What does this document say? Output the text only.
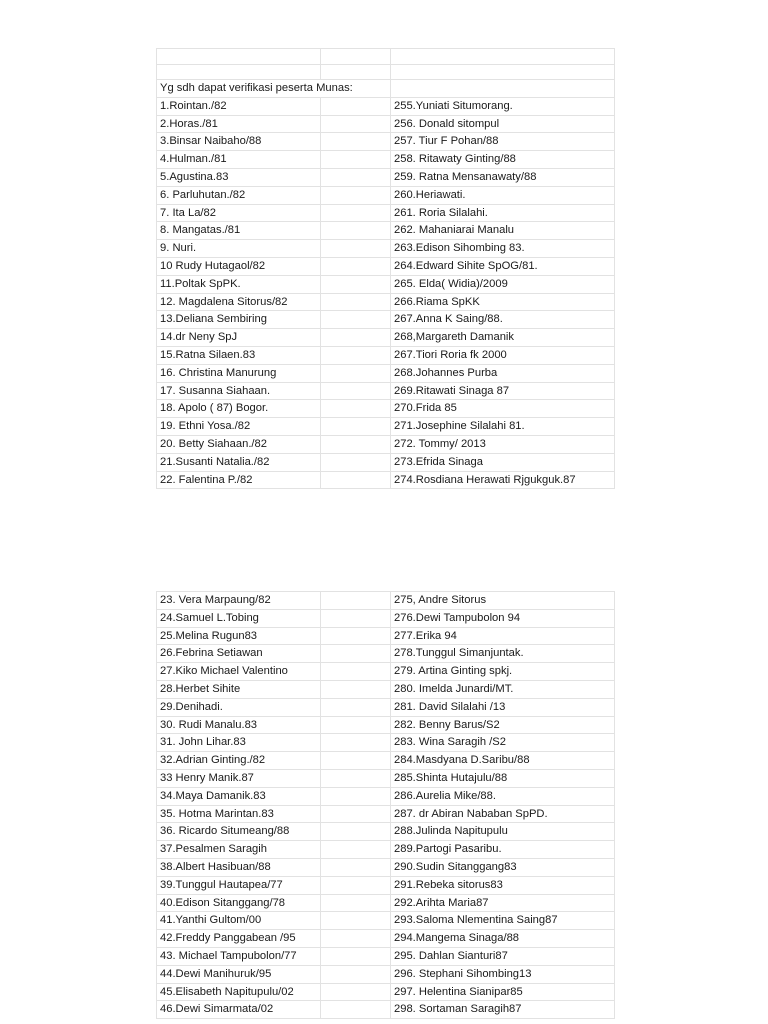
Yg sdh dapat verifikasi peserta Munas:		
1.Rointan./82		255.Yuniati Situmorang.
2.Horas./81		256. Donald sitompul
3.Binsar Naibaho/88		257. Tiur F Pohan/88
4.Hulman./81		258. Ritawaty Ginting/88
5.Agustina.83		259. Ratna Mensanawaty/88
6. Parluhutan./82		260.Heriawati.
7. Ita La/82		261. Roria Silalahi.
8. Mangatas./81		262. Mahaniarai Manalu
9. Nuri.		263.Edison Sihombing 83.
10 Rudy Hutagaol/82		264.Edward Sihite SpOG/81.
11.Poltak SpPK.		265. Elda( Widia)/2009
12. Magdalena Sitorus/82		266.Riama SpKK
13.Deliana Sembiring		267.Anna K Saing/88.
14.dr Neny SpJ		268,Margareth Damanik
15.Ratna Silaen.83		267.Tiori Roria fk 2000
16. Christina Manurung		268.Johannes Purba
17. Susanna Siahaan.		269.Ritawati Sinaga 87
18. Apolo ( 87) Bogor.		270.Frida 85
19. Ethni Yosa./82		271.Josephine Silalahi 81.
20. Betty Siahaan./82		272. Tommy/ 2013
21.Susanti Natalia./82		273.Efrida Sinaga
22. Falentina P./82		274.Rosdiana Herawati Rjgukguk.87
23. Vera Marpaung/82		275, Andre Sitorus
24.Samuel L.Tobing		276.Dewi Tampubolon 94
25.Melina Rugun83		277.Erika 94
26.Febrina Setiawan		278.Tunggul Simanjuntak.
27.Kiko Michael Valentino		279. Artina Ginting spkj.
28.Herbet Sihite		280. Imelda Junardi/MT.
29.Denihadi.		281. David Silalahi /13
30. Rudi Manalu.83		282. Benny Barus/S2
31. John Lihar.83		283. Wina Saragih /S2
32.Adrian Ginting./82		284.Masdyana D.Saribu/88
33 Henry Manik.87		285.Shinta Hutajulu/88
34.Maya Damanik.83		286.Aurelia Mike/88.
35. Hotma Marintan.83		287. dr Abiran Nababan SpPD.
36. Ricardo Situmeang/88		288.Julinda Napitupulu
37.Pesalmen Saragih		289.Partogi Pasaribu.
38.Albert Hasibuan/88		290.Sudin Sitanggang83
39.Tunggul Hautapea/77		291.Rebeka sitorus83
40.Edison Sitanggang/78		292.Arihta Maria87
41.Yanthi Gultom/00		293.Saloma Nlementina Saing87
42.Freddy Panggabean /95		294.Mangema Sinaga/88
43. Michael Tampubolon/77		295. Dahlan Sianturi87
44.Dewi Manihuruk/95		296. Stephani Sihombing13
45.Elisabeth Napitupulu/02		297. Helentina Sianipar85
46.Dewi Simarmata/02		298. Sortaman Saragih87
